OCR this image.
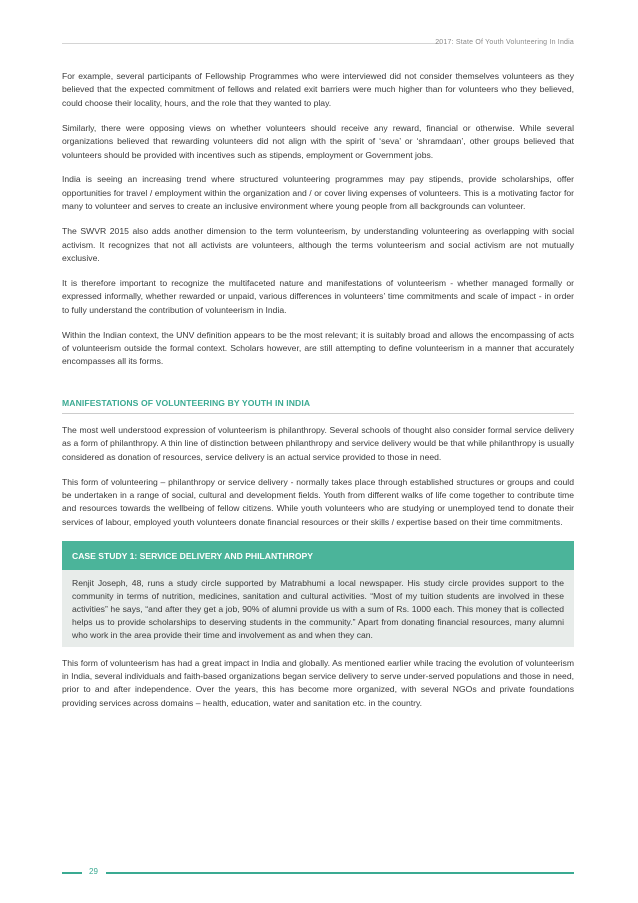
2017: State Of Youth Volunteering In India

For example, several participants of Fellowship Programmes who were interviewed did not consider themselves volunteers as they believed that the expected commitment of fellows and related exit barriers were much higher than for volunteers who they believed, could choose their locality, hours, and the role that they wanted to play.

Similarly, there were opposing views on whether volunteers should receive any reward, financial or otherwise. While several organizations believed that rewarding volunteers did not align with the spirit of ‘seva’ or ‘shramdaan’, other groups believed that volunteers should be provided with incentives such as stipends, employment or Government jobs.

India is seeing an increasing trend where structured volunteering programmes may pay stipends, provide scholarships, offer opportunities for travel / employment within the organization and / or cover living expenses of volunteers. This is a motivating factor for many to volunteer and serves to create an inclusive environment where young people from all backgrounds can volunteer.

The SWVR 2015 also adds another dimension to the term volunteerism, by understanding volunteering as overlapping with social activism. It recognizes that not all activists are volunteers, although the terms volunteerism and social activism are not mutually exclusive.

It is therefore important to recognize the multifaceted nature and manifestations of volunteerism - whether managed formally or expressed informally, whether rewarded or unpaid, various differences in volunteers’ time commitments and scale of impact - in order to fully understand the contribution of volunteerism in India.

Within the Indian context, the UNV definition appears to be the most relevant; it is suitably broad and allows the encompassing of acts of volunteerism outside the formal context. Scholars however, are still attempting to define volunteerism in a manner that accurately encompasses all its forms.

MANIFESTATIONS OF VOLUNTEERING BY YOUTH IN INDIA

The most well understood expression of volunteerism is philanthropy. Several schools of thought also consider formal service delivery as a form of philanthropy. A thin line of distinction between philanthropy and service delivery would be that while philanthropy is usually considered as donation of resources, service delivery is an actual service provided to those in need.

This form of volunteering – philanthropy or service delivery - normally takes place through established structures or groups and could be undertaken in a range of social, cultural and development fields. Youth from different walks of life come together to contribute time and resources towards the wellbeing of fellow citizens. While youth volunteers who are studying or unemployed tend to donate their services of labour, employed youth volunteers donate financial resources or their skills / expertise based on their time commitments.

CASE STUDY 1: SERVICE DELIVERY AND PHILANTHROPY

Renjit Joseph, 48, runs a study circle supported by Matrabhumi a local newspaper. His study circle provides support to the community in terms of nutrition, medicines, sanitation and cultural activities. “Most of my tuition students are involved in these activities” he says, “and after they get a job, 90% of alumni provide us with a sum of Rs. 1000 each. This money that is collected helps us to provide scholarships to deserving students in the community.” Apart from donating financial resources, many alumni who work in the area provide their time and involvement as and when they can.

This form of volunteerism has had a great impact in India and globally. As mentioned earlier while tracing the evolution of volunteerism in India, several individuals and faith-based organizations began service delivery to serve under-served populations and those in need, prior to and after independence. Over the years, this has become more organized, with several NGOs and private foundations providing services across domains – health, education, water and sanitation etc. in the country.

29
